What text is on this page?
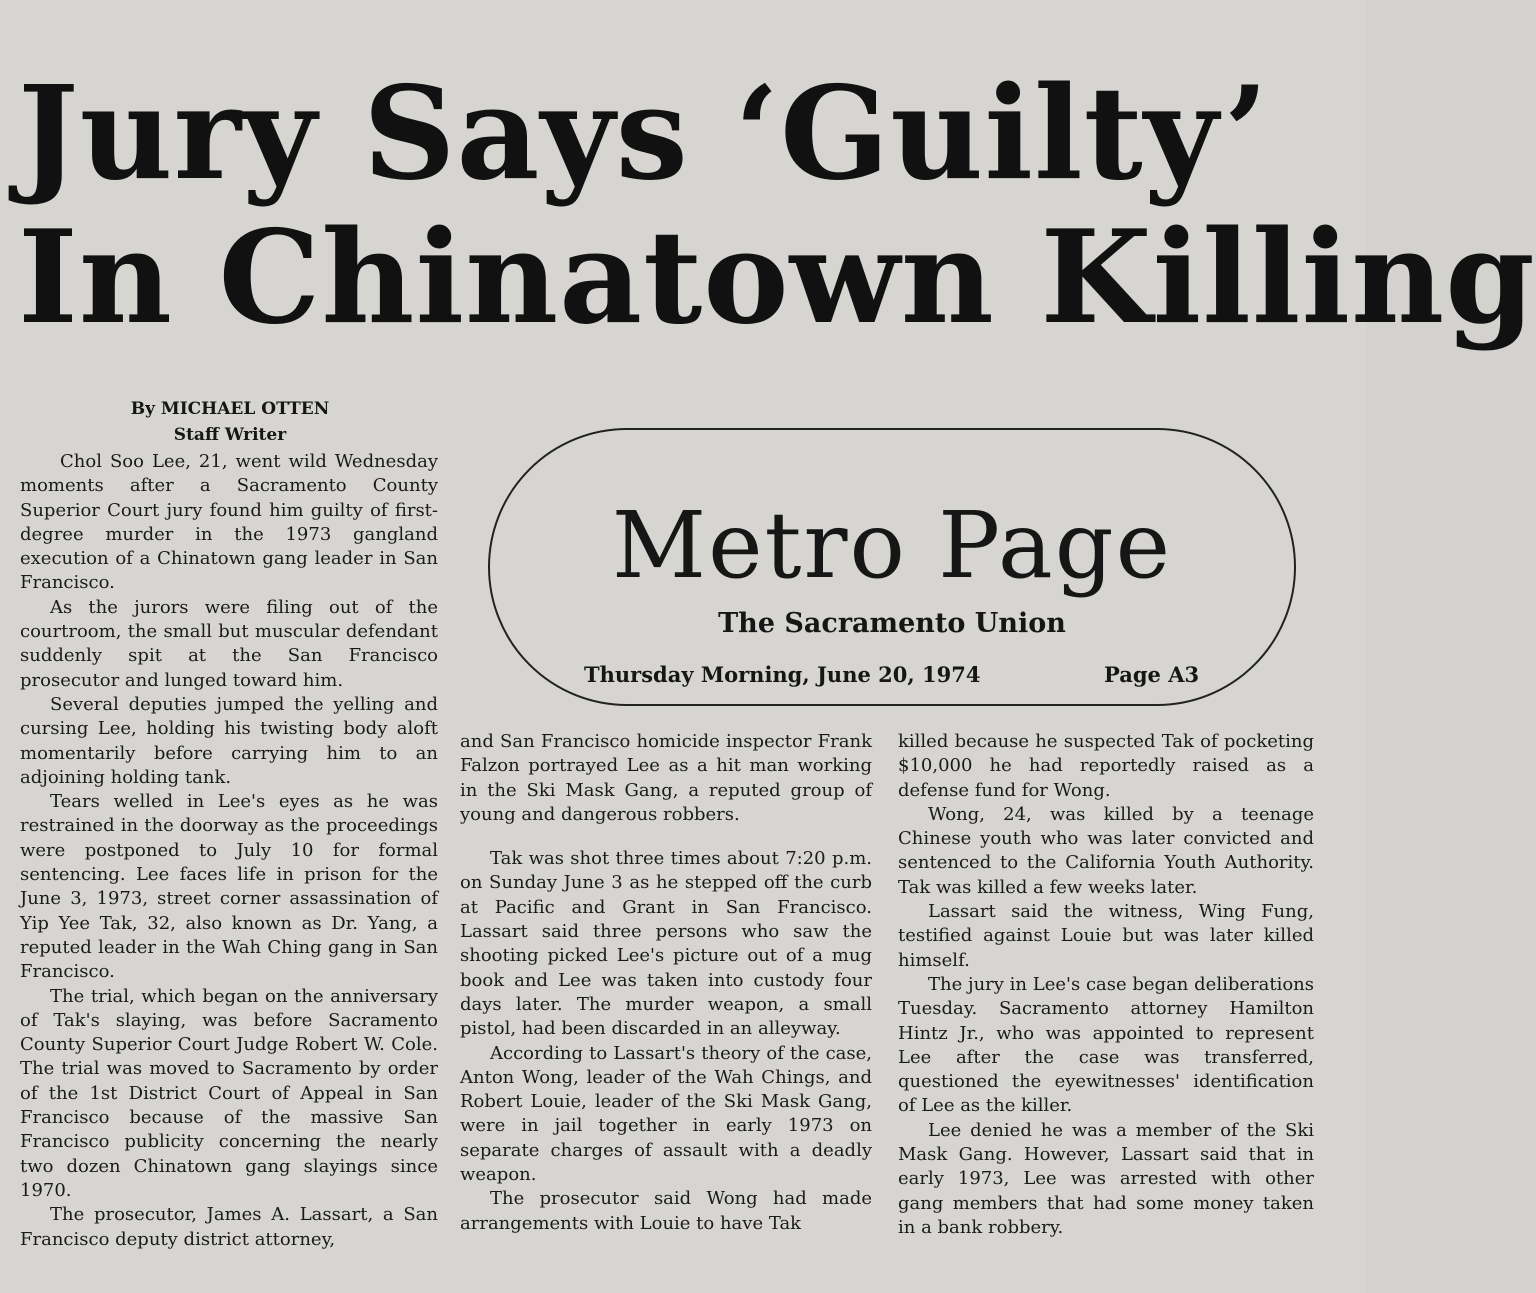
Jury Says ‘Guilty’
In Chinatown Killing
By MICHAEL OTTEN
Staff Writer

Chol Soo Lee, 21, went wild Wednesday moments after a Sacramento County Superior Court jury found him guilty of first-degree murder in the 1973 gangland execution of a Chinatown gang leader in San Francisco.

As the jurors were filing out of the courtroom, the small but muscular defendant suddenly spit at the San Francisco prosecutor and lunged toward him.

Several deputies jumped the yelling and cursing Lee, holding his twisting body aloft momentarily before carrying him to an adjoining holding tank.

Tears welled in Lee's eyes as he was restrained in the doorway as the proceedings were postponed to July 10 for formal sentencing. Lee faces life in prison for the June 3, 1973, street corner assassination of Yip Yee Tak, 32, also known as Dr. Yang, a reputed leader in the Wah Ching gang in San Francisco.

The trial, which began on the anniversary of Tak's slaying, was before Sacramento County Superior Court Judge Robert W. Cole. The trial was moved to Sacramento by order of the 1st District Court of Appeal in San Francisco because of the massive San Francisco publicity concerning the nearly two dozen Chinatown gang slayings since 1970.

The prosecutor, James A. Lassart, a San Francisco deputy district attorney,

Metro Page
The Sacramento Union
Thursday Morning, June 20, 1974	Page A3

and San Francisco homicide inspector Frank Falzon portrayed Lee as a hit man working in the Ski Mask Gang, a reputed group of young and dangerous robbers.

Tak was shot three times about 7:20 p.m. on Sunday June 3 as he stepped off the curb at Pacific and Grant in San Francisco. Lassart said three persons who saw the shooting picked Lee's picture out of a mug book and Lee was taken into custody four days later. The murder weapon, a small pistol, had been discarded in an alleyway.

According to Lassart's theory of the case, Anton Wong, leader of the Wah Chings, and Robert Louie, leader of the Ski Mask Gang, were in jail together in early 1973 on separate charges of assault with a deadly weapon.

The prosecutor said Wong had made arrangements with Louie to have Tak

killed because he suspected Tak of pocketing $10,000 he had reportedly raised as a defense fund for Wong.

Wong, 24, was killed by a teenage Chinese youth who was later convicted and sentenced to the California Youth Authority. Tak was killed a few weeks later.

Lassart said the witness, Wing Fung, testified against Louie but was later killed himself.

The jury in Lee's case began deliberations Tuesday. Sacramento attorney Hamilton Hintz Jr., who was appointed to represent Lee after the case was transferred, questioned the eyewitnesses' identification of Lee as the killer.

Lee denied he was a member of the Ski Mask Gang. However, Lassart said that in early 1973, Lee was arrested with other gang members that had some money taken in a bank robbery.
